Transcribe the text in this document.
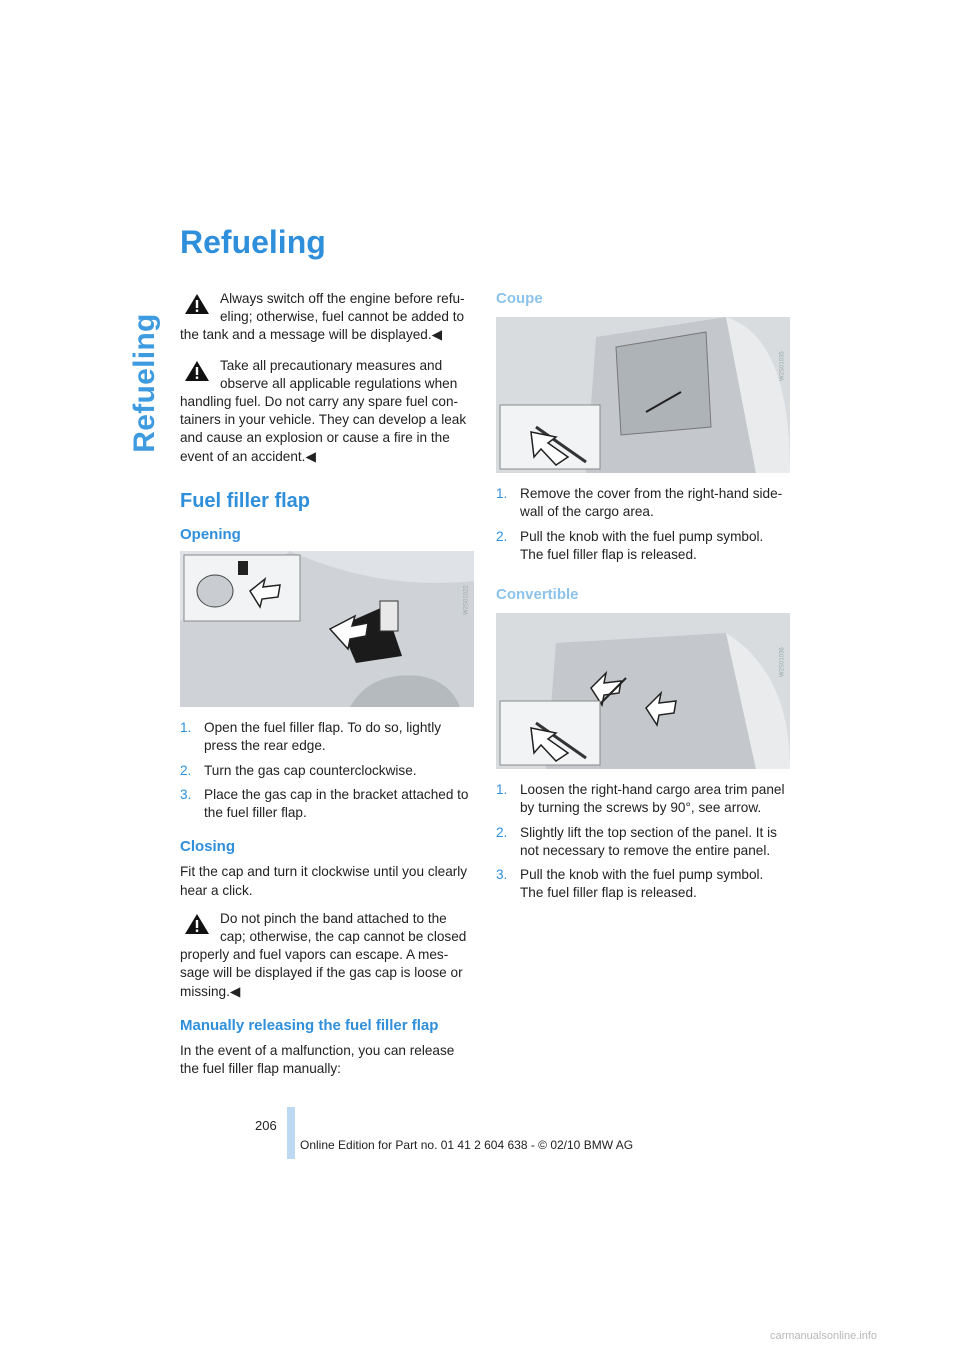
Refueling
Refueling

Always switch off the engine before refu-eling; otherwise, fuel cannot be added to the tank and a message will be displayed.◀

Take all precautionary measures and observe all applicable regulations when handling fuel. Do not carry any spare fuel con-tainers in your vehicle. They can develop a leak and cause an explosion or cause a fire in the event of an accident.◀

Fuel filler flap
Opening
W2S01022
1. Open the fuel filler flap. To do so, lightly press the rear edge.
2. Turn the gas cap counterclockwise.
3. Place the gas cap in the bracket attached to the fuel filler flap.
Closing

Fit the cap and turn it clockwise until you clearly hear a click.

Do not pinch the band attached to the cap; otherwise, the cap cannot be closed properly and fuel vapors can escape. A mes-sage will be displayed if the gas cap is loose or missing.◀

Manually releasing the fuel filler flap

In the event of a malfunction, you can release the fuel filler flap manually:

Coupe
W2S01035
1. Remove the cover from the right-hand side-wall of the cargo area.
2. Pull the knob with the fuel pump symbol. The fuel filler flap is released.
Convertible
W2S01036
1. Loosen the right-hand cargo area trim panel by turning the screws by 90°, see arrow.
2. Slightly lift the top section of the panel. It is not necessary to remove the entire panel.
3. Pull the knob with the fuel pump symbol. The fuel filler flap is released.
206
Online Edition for Part no. 01 41 2 604 638 - © 02/10 BMW AG
carmanualsonline.info
